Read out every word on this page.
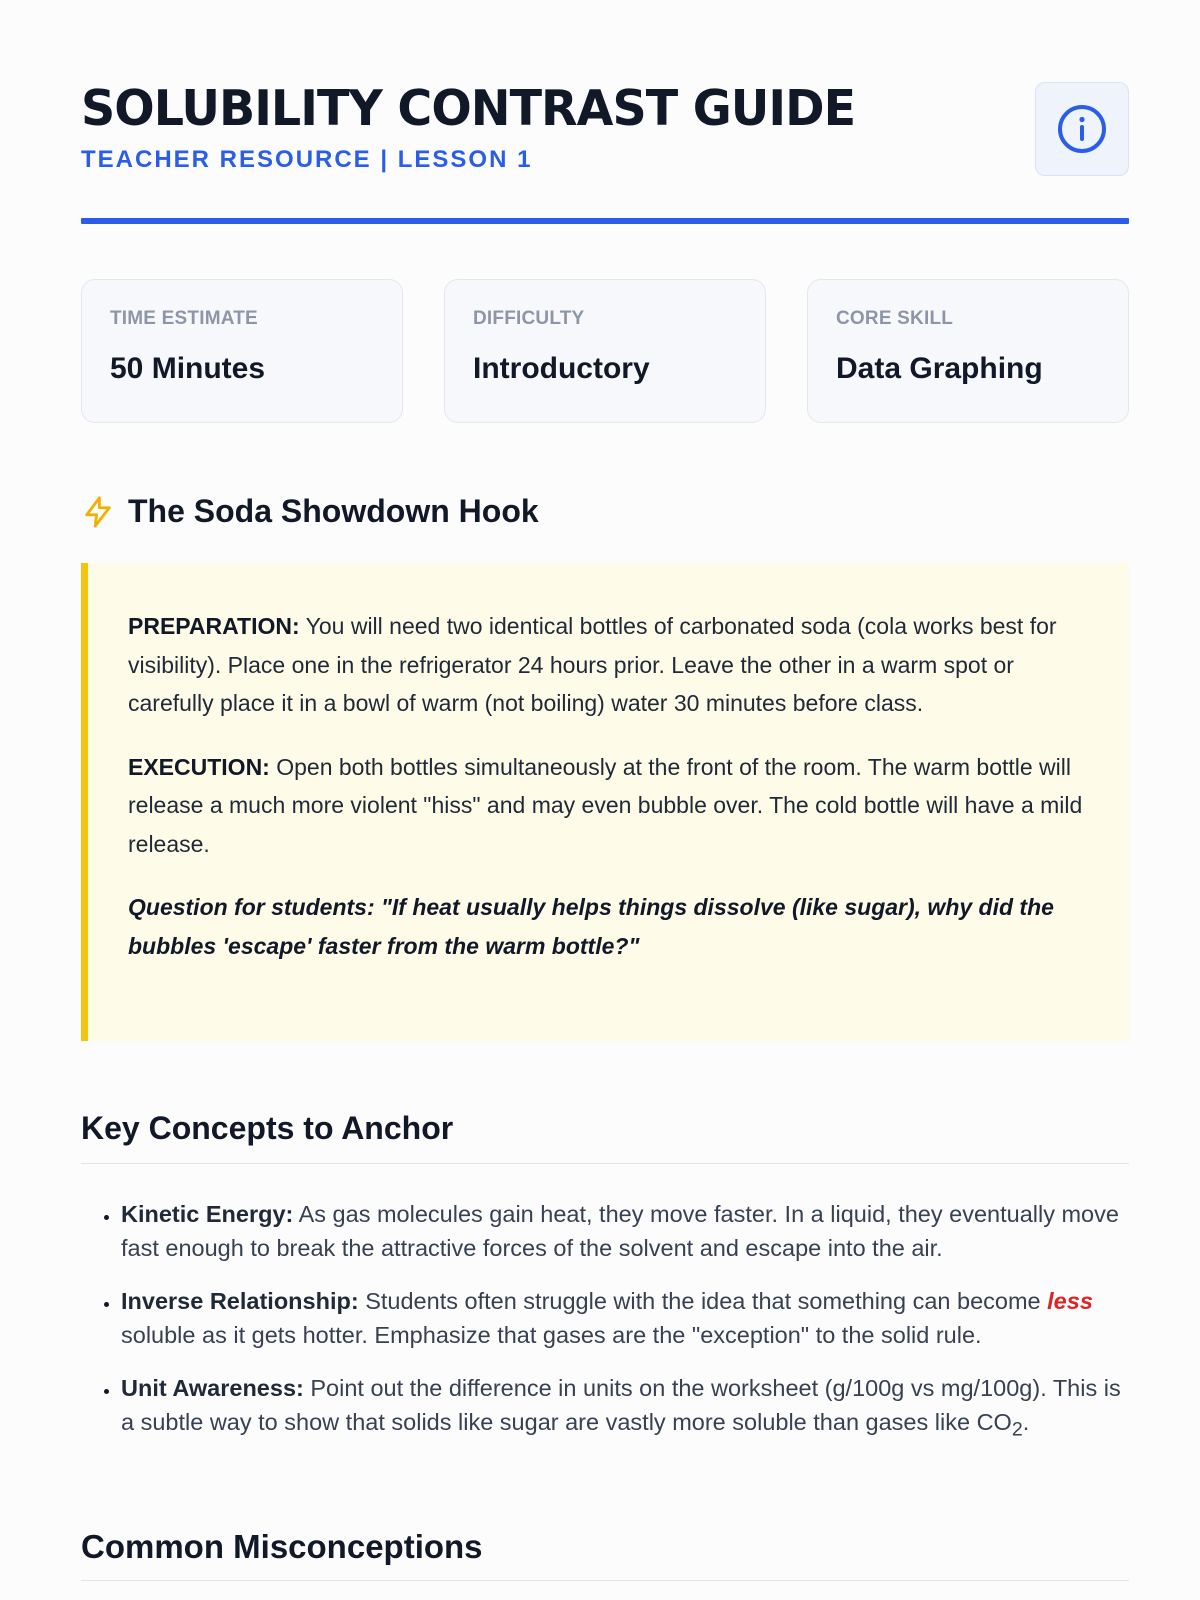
SOLUBILITY CONTRAST GUIDE
TEACHER RESOURCE | LESSON 1
TIME ESTIMATE
50 Minutes
DIFFICULTY
Introductory
CORE SKILL
Data Graphing
The Soda Showdown Hook

PREPARATION: You will need two identical bottles of carbonated soda (cola works best for visibility). Place one in the refrigerator 24 hours prior. Leave the other in a warm spot or carefully place it in a bowl of warm (not boiling) water 30 minutes before class.

EXECUTION: Open both bottles simultaneously at the front of the room. The warm bottle will release a much more violent "hiss" and may even bubble over. The cold bottle will have a mild release.

Question for students: "If heat usually helps things dissolve (like sugar), why did the bubbles 'escape' faster from the warm bottle?"

Key Concepts to Anchor
• Kinetic Energy: As gas molecules gain heat, they move faster. In a liquid, they eventually move fast enough to break the attractive forces of the solvent and escape into the air.
• Inverse Relationship: Students often struggle with the idea that something can become less soluble as it gets hotter. Emphasize that gases are the "exception" to the solid rule.
• Unit Awareness: Point out the difference in units on the worksheet (g/100g vs mg/100g). This is a subtle way to show that solids like sugar are vastly more soluble than gases like $CO_2$.
Common Misconceptions
